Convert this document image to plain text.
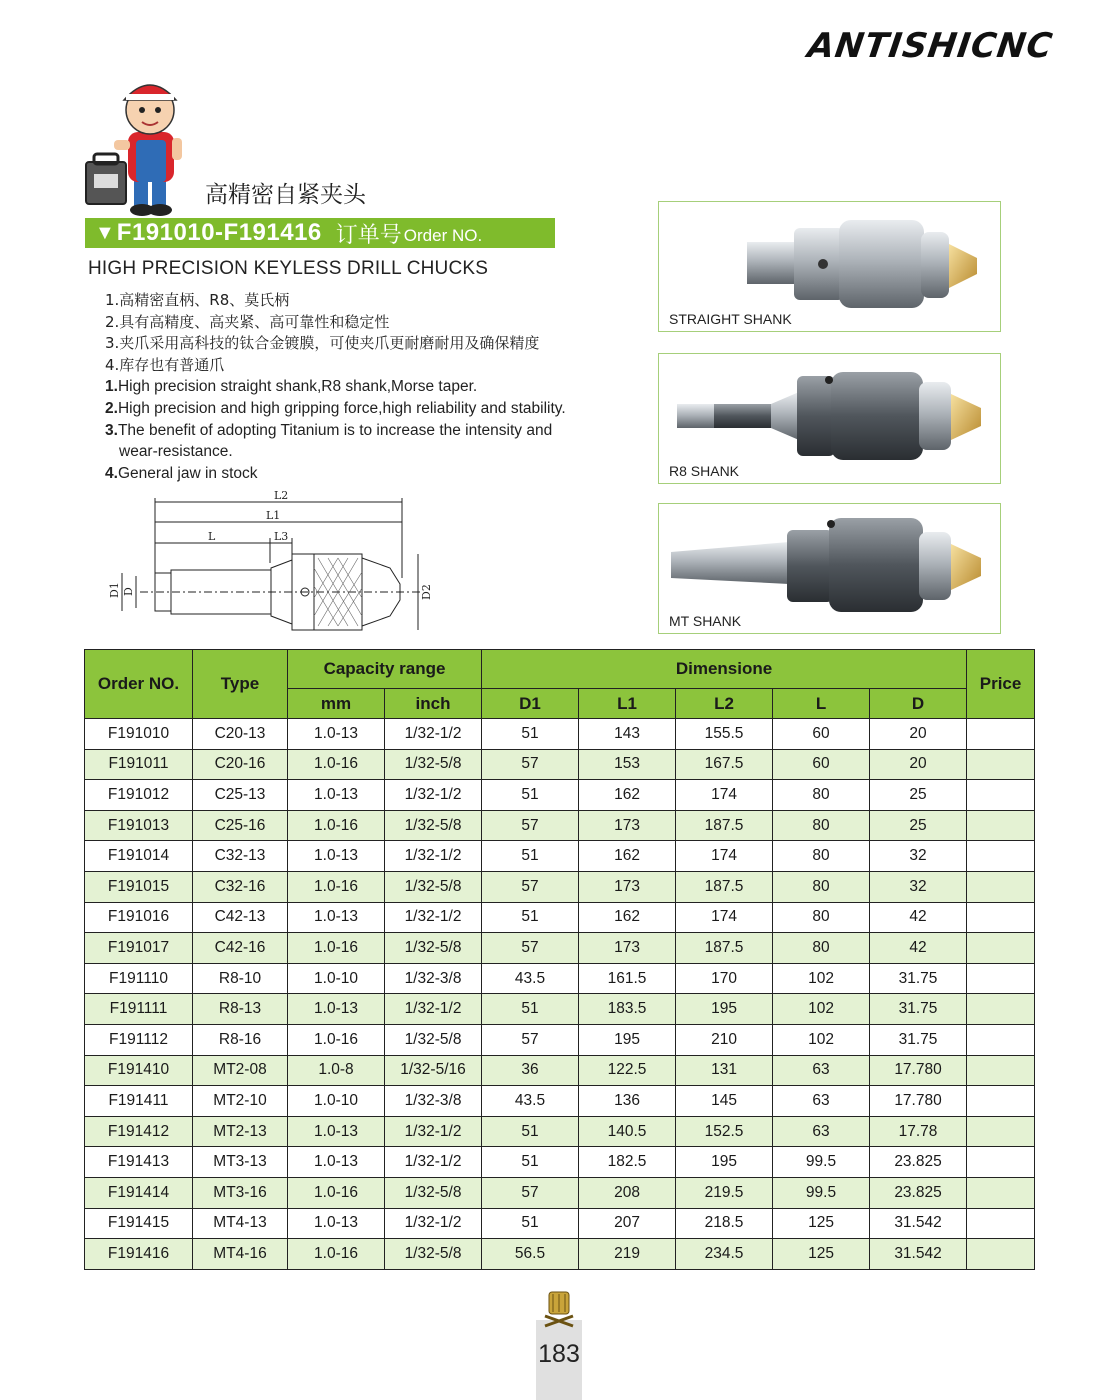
ANTISHICNC
高精密自紧夹头
▼ F191010-F191416 订单号 Order NO.
HIGH PRECISION KEYLESS DRILL CHUCKS
1.高精密直柄、R8、莫氏柄
2.具有高精度、高夹紧、高可靠性和稳定性
3.夹爪采用高科技的钛合金镀膜，可使夹爪更耐磨耐用及确保精度
4.库存也有普通爪
1.High precision straight shank,R8 shank,Morse taper.
2.High precision and high gripping force,high reliability and stability.
3.The benefit of adopting Titanium is to increase the intensity and
wear-resistance.
4.General jaw in stock
L2
L1
L	L3
D1 D	D2
STRAIGHT SHANK
R8 SHANK
MT SHANK
Order NO.	Type	Capacity range		Dimensione					Price
		mm	inch	D1	L1	L2	L	D	
F191010	C20-13	1.0-13	1/32-1/2	51	143	155.5	60	20	
F191011	C20-16	1.0-16	1/32-5/8	57	153	167.5	60	20	
F191012	C25-13	1.0-13	1/32-1/2	51	162	174	80	25	
F191013	C25-16	1.0-16	1/32-5/8	57	173	187.5	80	25	
F191014	C32-13	1.0-13	1/32-1/2	51	162	174	80	32	
F191015	C32-16	1.0-16	1/32-5/8	57	173	187.5	80	32	
F191016	C42-13	1.0-13	1/32-1/2	51	162	174	80	42	
F191017	C42-16	1.0-16	1/32-5/8	57	173	187.5	80	42	
F191110	R8-10	1.0-10	1/32-3/8	43.5	161.5	170	102	31.75	
F191111	R8-13	1.0-13	1/32-1/2	51	183.5	195	102	31.75	
F191112	R8-16	1.0-16	1/32-5/8	57	195	210	102	31.75	
F191410	MT2-08	1.0-8	1/32-5/16	36	122.5	131	63	17.780	
F191411	MT2-10	1.0-10	1/32-3/8	43.5	136	145	63	17.780	
F191412	MT2-13	1.0-13	1/32-1/2	51	140.5	152.5	63	17.78	
F191413	MT3-13	1.0-13	1/32-1/2	51	182.5	195	99.5	23.825	
F191414	MT3-16	1.0-16	1/32-5/8	57	208	219.5	99.5	23.825	
F191415	MT4-13	1.0-13	1/32-1/2	51	207	218.5	125	31.542	
F191416	MT4-16	1.0-16	1/32-5/8	56.5	219	234.5	125	31.542	
183
